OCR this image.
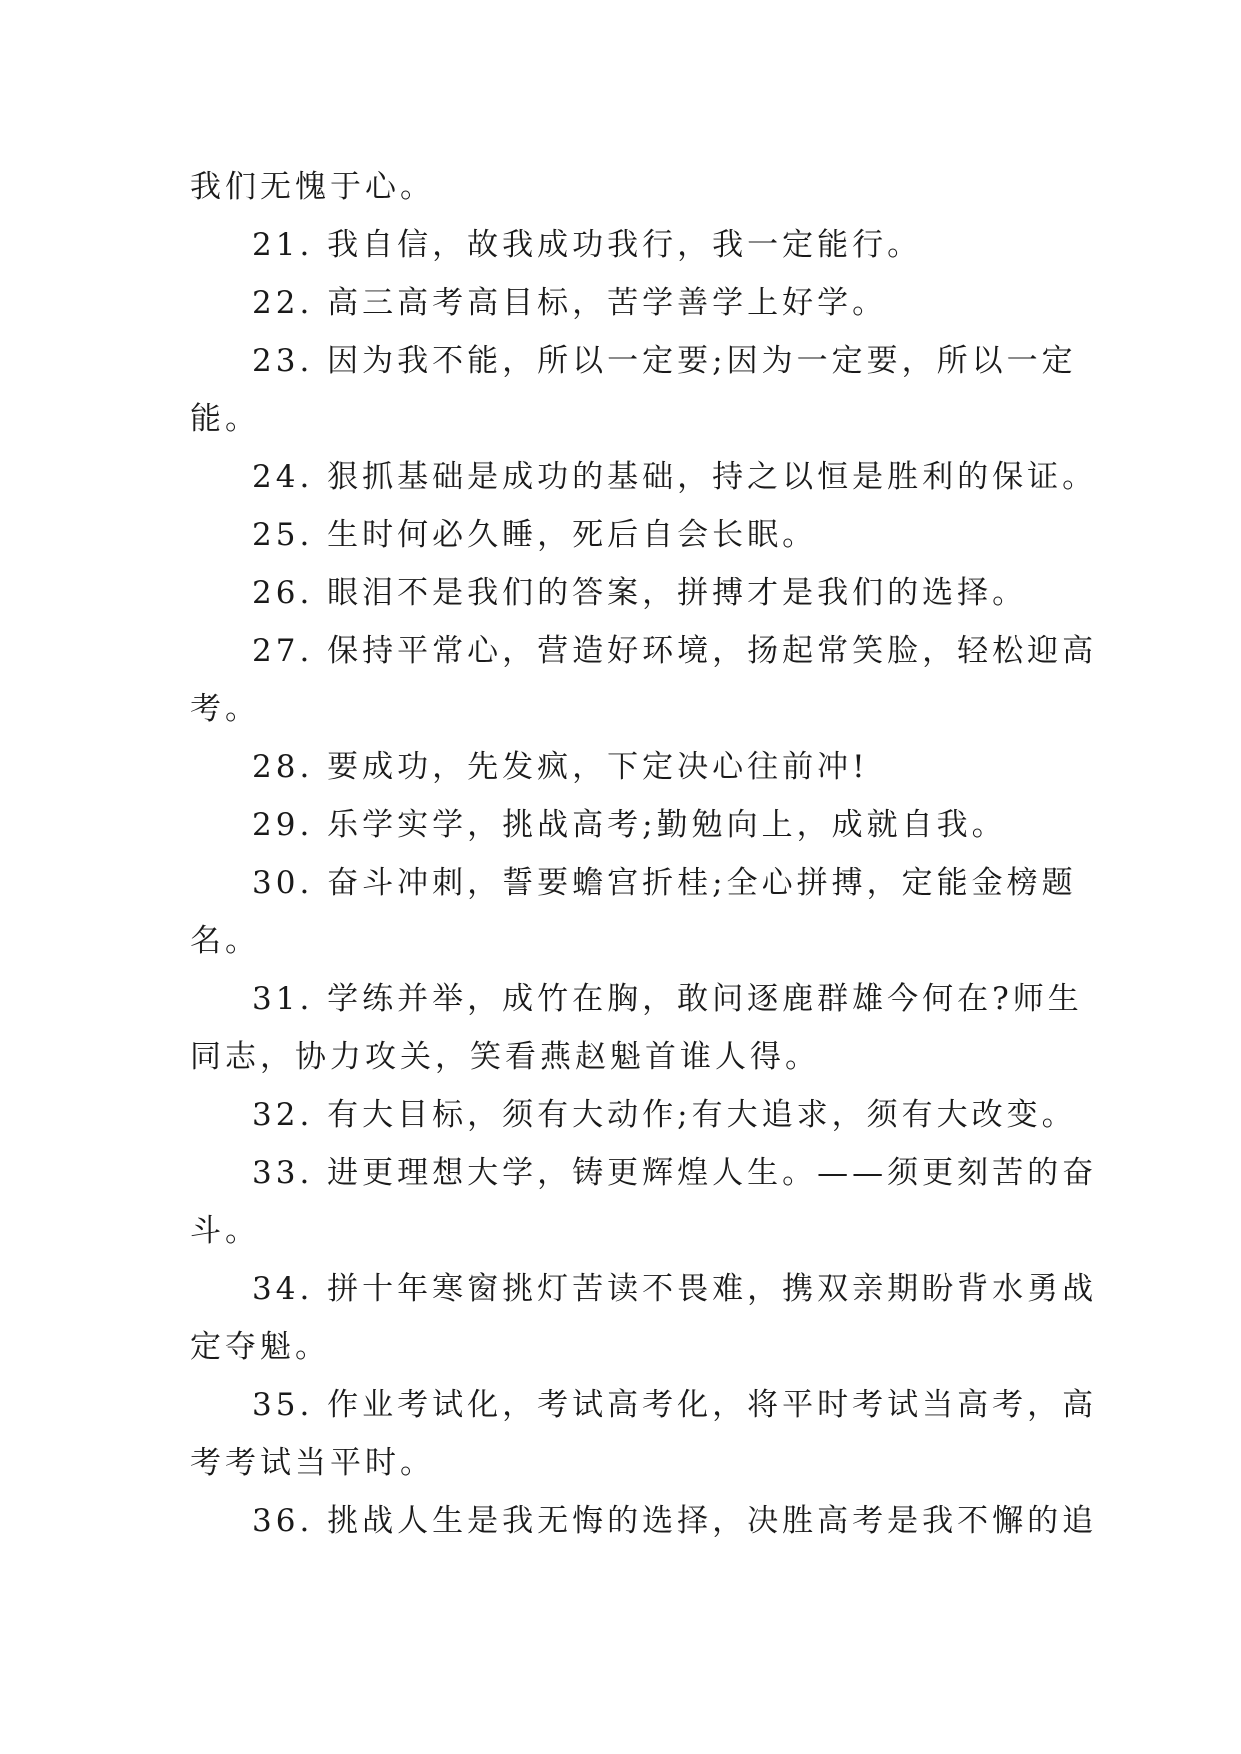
我们无愧于心。
21. 我自信，故我成功我行，我一定能行。
22. 高三高考高目标，苦学善学上好学。
23. 因为我不能，所以一定要;因为一定要，所以一定
能。
24. 狠抓基础是成功的基础，持之以恒是胜利的保证。
25. 生时何必久睡，死后自会长眠。
26. 眼泪不是我们的答案，拼搏才是我们的选择。
27. 保持平常心，营造好环境，扬起常笑脸，轻松迎高
考。
28. 要成功，先发疯，下定决心往前冲!
29. 乐学实学，挑战高考;勤勉向上，成就自我。
30. 奋斗冲刺，誓要蟾宫折桂;全心拼搏，定能金榜题
名。
31. 学练并举，成竹在胸，敢问逐鹿群雄今何在?师生
同志，协力攻关，笑看燕赵魁首谁人得。
32. 有大目标，须有大动作;有大追求，须有大改变。
33. 进更理想大学，铸更辉煌人生。——须更刻苦的奋
斗。
34. 拼十年寒窗挑灯苦读不畏难，携双亲期盼背水勇战
定夺魁。
35. 作业考试化，考试高考化，将平时考试当高考，高
考考试当平时。
36. 挑战人生是我无悔的选择，决胜高考是我不懈的追
